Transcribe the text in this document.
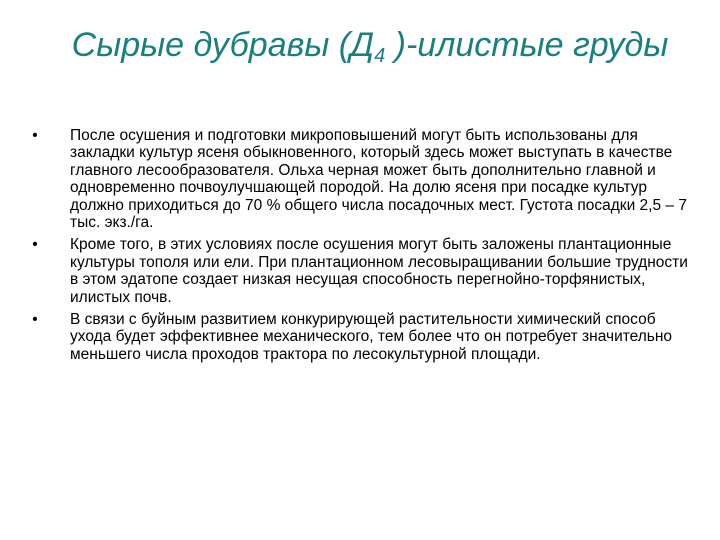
Сырые дубравы ($Д_4$ )-илистые груды
• После осушения и подготовки микроповышений могут быть использованы для закладки культур ясеня обыкновенного, который здесь может выступать в качестве главного лесообразователя. Ольха черная может быть дополнительно главной и одновременно почвоулучшающей породой. На долю ясеня при посадке культур должно приходиться до 70 % общего числа посадочных мест. Густота посадки 2,5 – 7 тыс. экз./га.
• Кроме того, в этих условиях после осушения могут быть заложены плантационные культуры тополя или ели. При плантационном лесовыращивании большие трудности в этом эдатопе создает низкая несущая способность перегнойно-торфянистых, илистых почв.
• В связи с буйным развитием конкурирующей растительности химический способ ухода будет эффективнее механического, тем более что он потребует значительно меньшего числа проходов трактора по лесокультурной площади.
